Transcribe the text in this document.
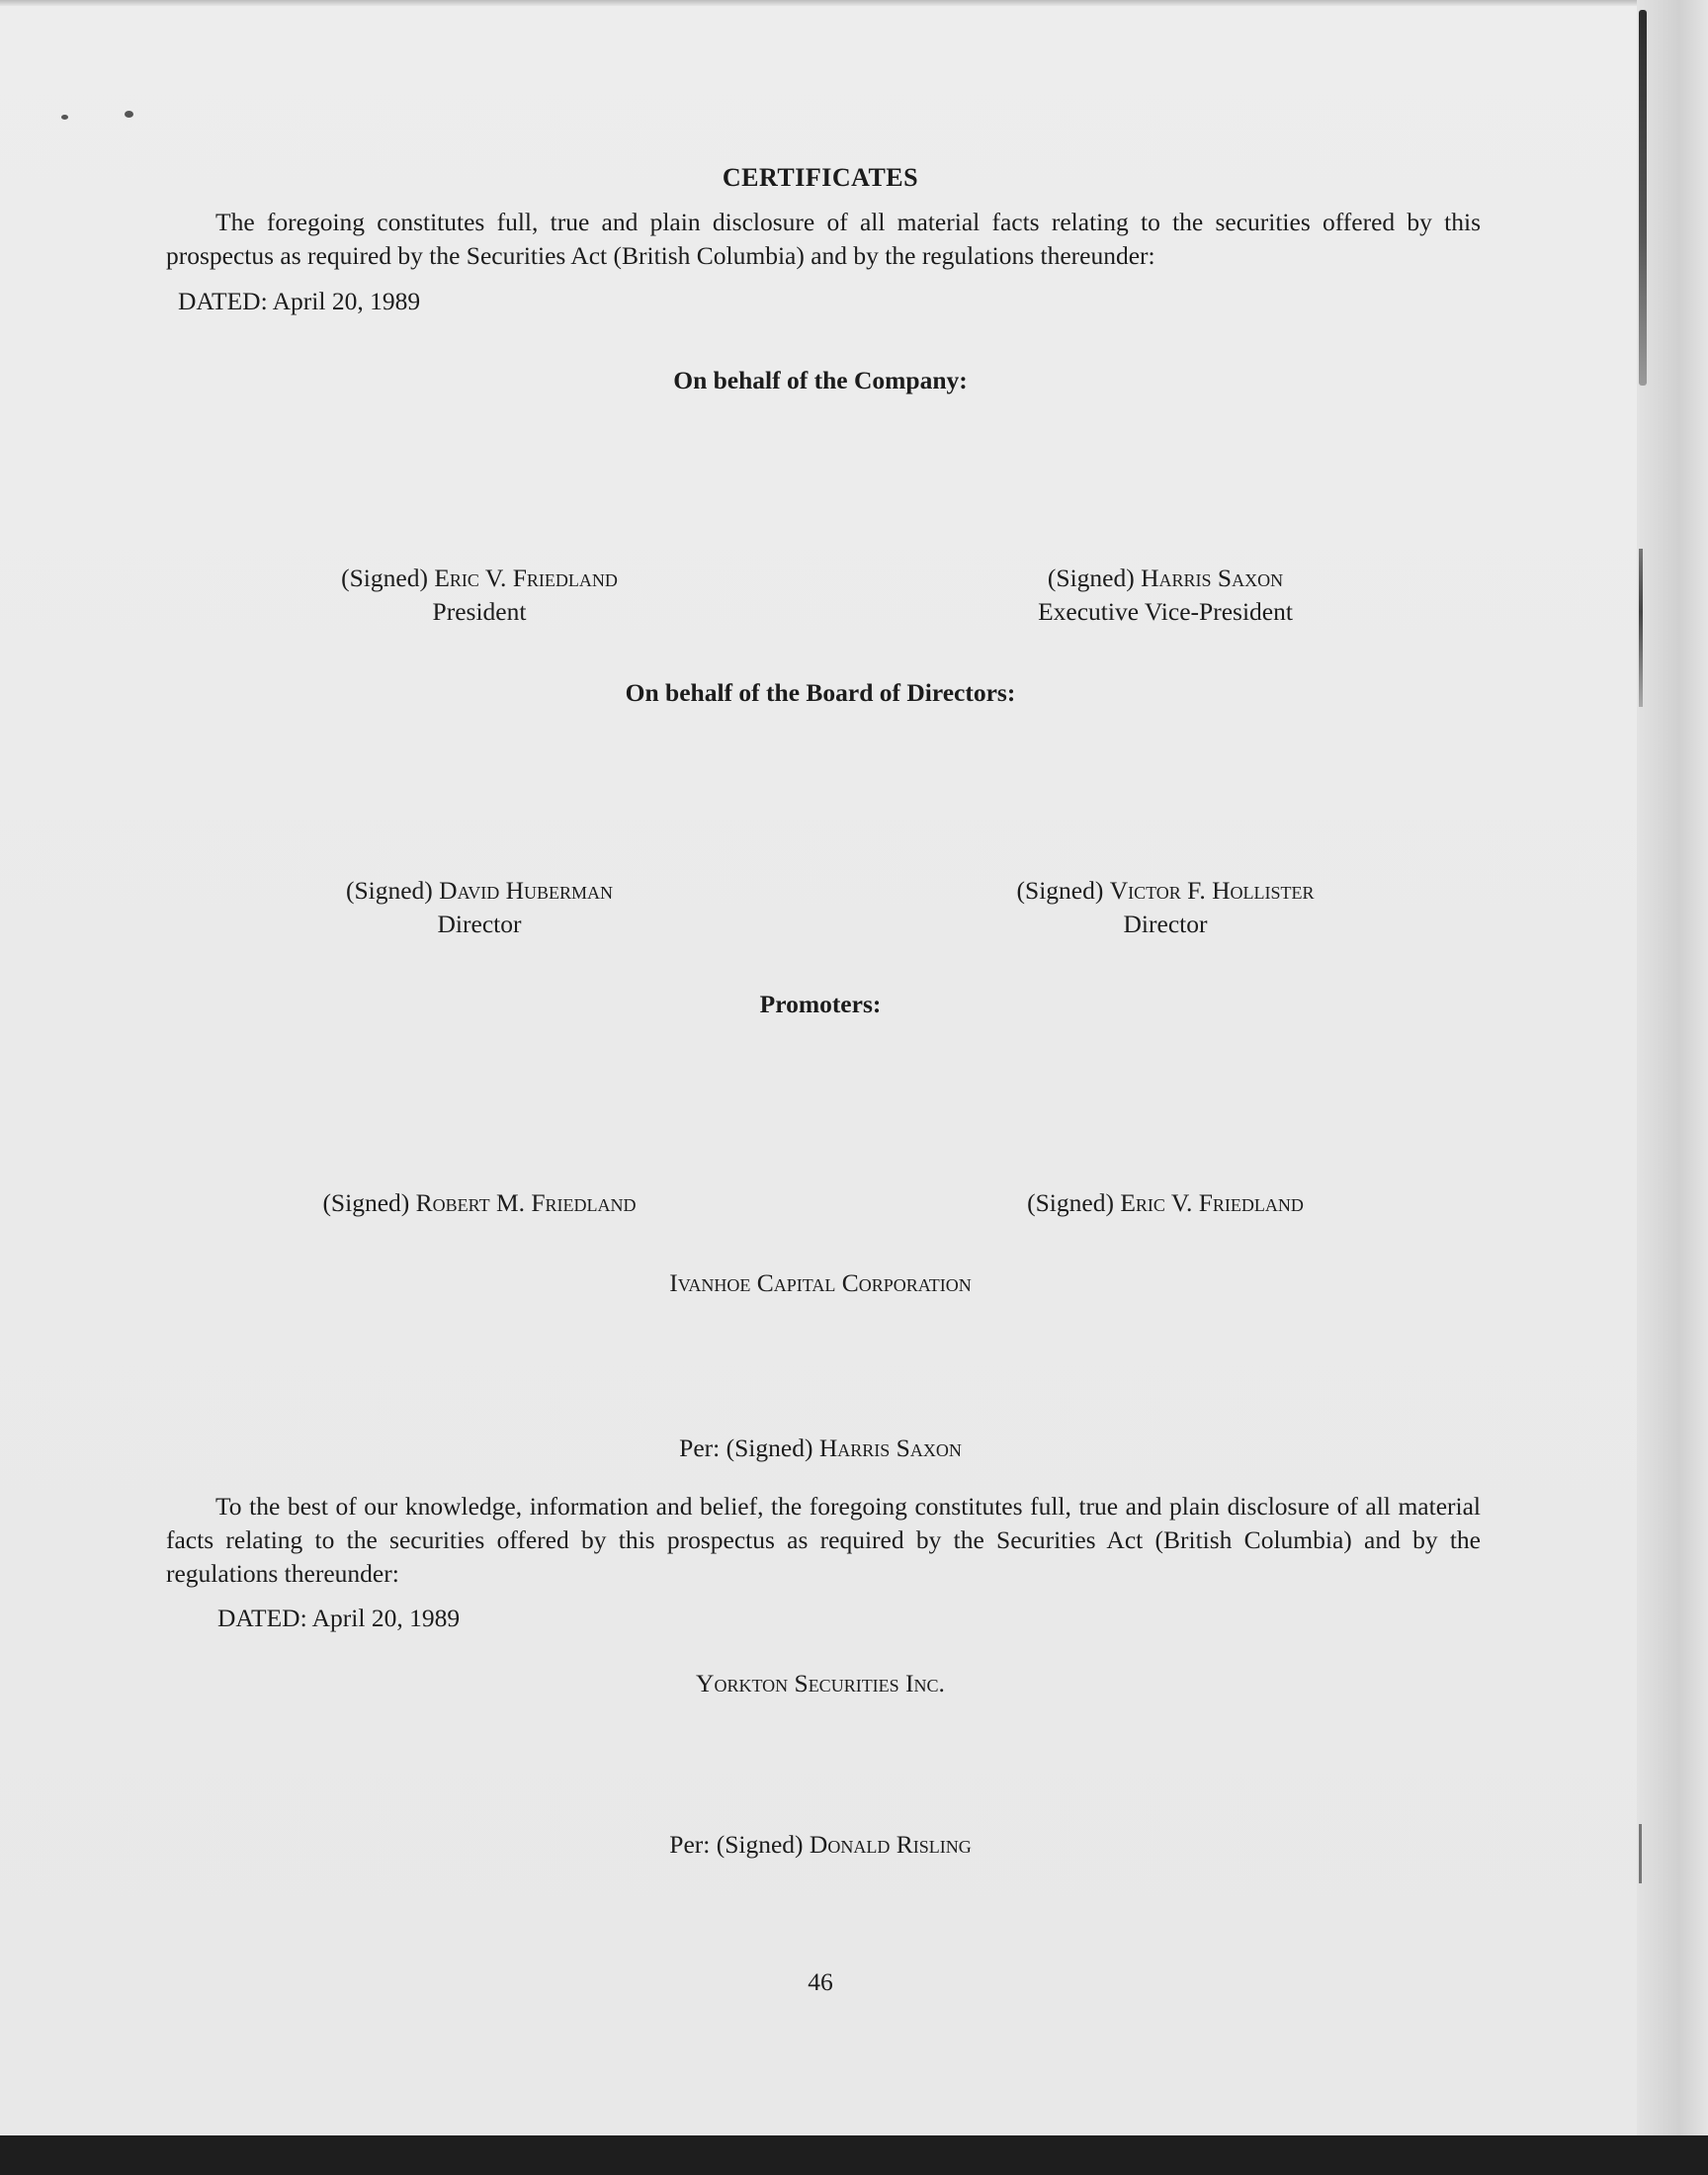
CERTIFICATES
The foregoing constitutes full, true and plain disclosure of all material facts relating to the securities offered by this prospectus as required by the Securities Act (British Columbia) and by the regulations thereunder:
DATED: April 20, 1989
On behalf of the Company:
(Signed) Eric V. Friedland
President
(Signed) Harris Saxon
Executive Vice-President
On behalf of the Board of Directors:
(Signed) David Huberman
Director
(Signed) Victor F. Hollister
Director
Promoters:
(Signed) Robert M. Friedland	(Signed) Eric V. Friedland
Ivanhoe Capital Corporation
Per: (Signed) Harris Saxon
To the best of our knowledge, information and belief, the foregoing constitutes full, true and plain disclosure of all material facts relating to the securities offered by this prospectus as required by the Securities Act (British Columbia) and by the regulations thereunder:
DATED: April 20, 1989
Yorkton Securities Inc.
Per: (Signed) Donald Risling
46
